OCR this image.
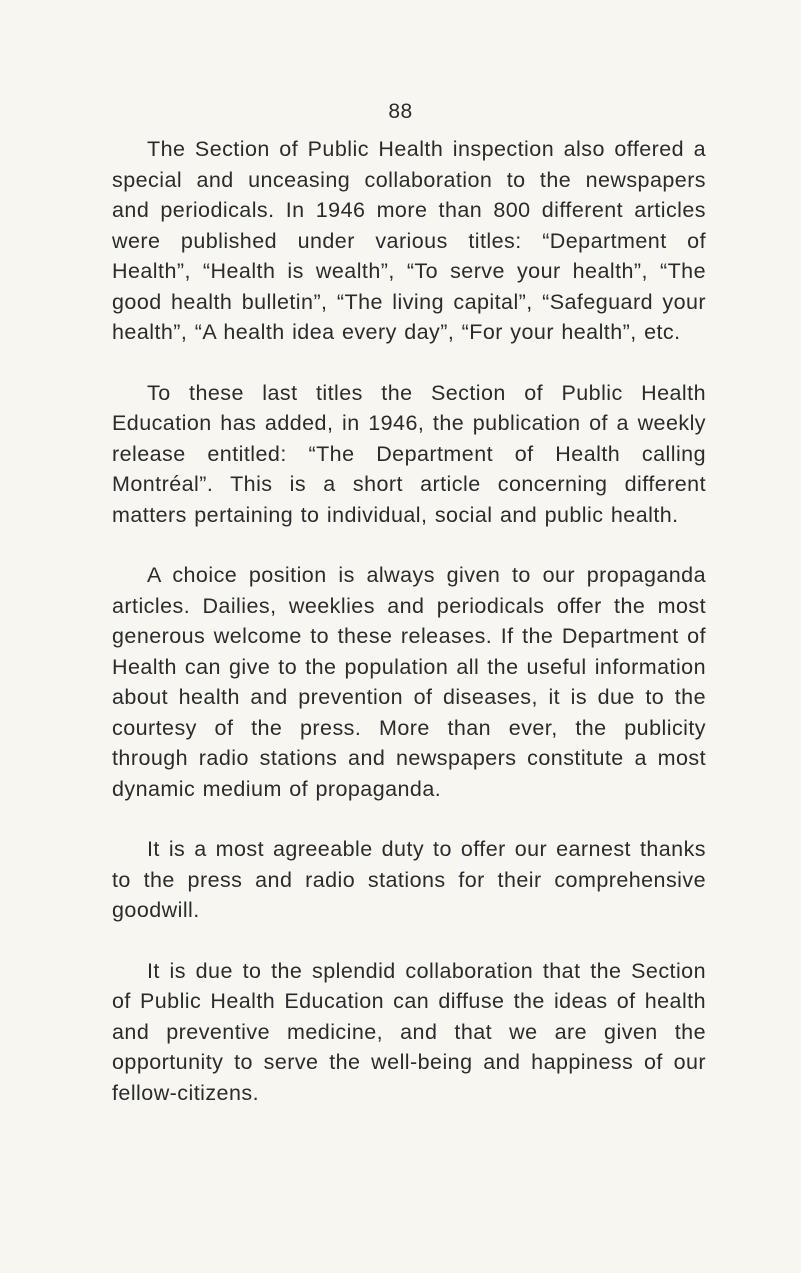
88

The Section of Public Health inspection also offered a special and unceasing collaboration to the newspapers and periodicals. In 1946 more than 800 different articles were published under various titles: “Department of Health”, “Health is wealth”, “To serve your health”, “The good health bulletin”, “The living capital”, “Safeguard your health”, “A health idea every day”, “For your health”, etc.

To these last titles the Section of Public Health Education has added, in 1946, the publication of a weekly release entitled: “The Department of Health calling Montréal”. This is a short article concerning different matters pertaining to individual, social and public health.

A choice position is always given to our propaganda articles. Dailies, weeklies and periodicals offer the most generous welcome to these releases. If the Department of Health can give to the population all the useful information about health and prevention of diseases, it is due to the courtesy of the press. More than ever, the publicity through radio stations and newspapers constitute a most dynamic medium of propaganda.

It is a most agreeable duty to offer our earnest thanks to the press and radio stations for their comprehensive goodwill.

It is due to the splendid collaboration that the Section of Public Health Education can diffuse the ideas of health and preventive medicine, and that we are given the opportunity to serve the well-being and happiness of our fellow-citizens.
